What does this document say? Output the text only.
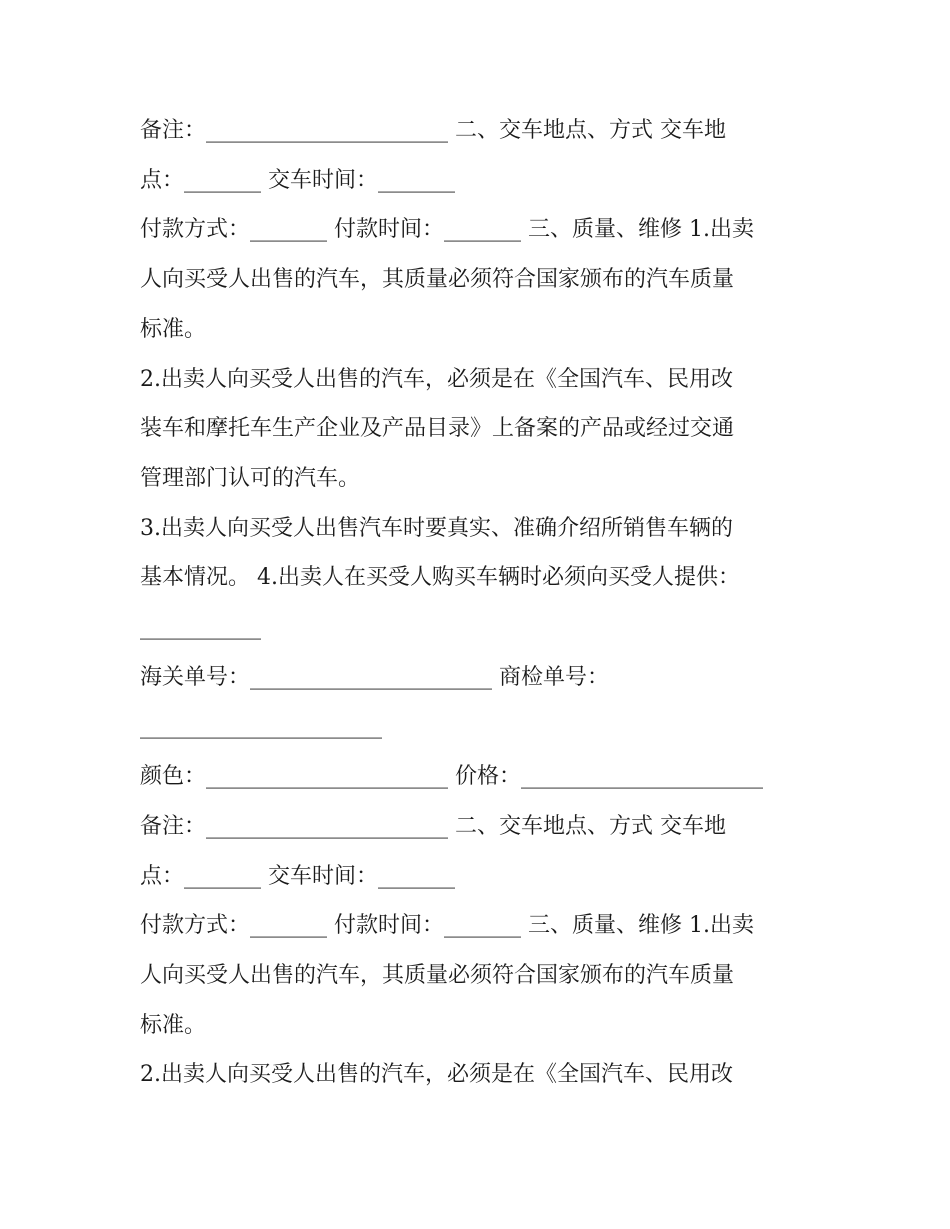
备注：______________________ 二、交车地点、方式 交车地

点：_______ 交车时间：_______

付款方式：_______ 付款时间：_______ 三、质量、维修 1.出卖

人向买受人出售的汽车，其质量必须符合国家颁布的汽车质量

标准。

2.出卖人向买受人出售的汽车，必须是在《全国汽车、民用改

装车和摩托车生产企业及产品目录》上备案的产品或经过交通

管理部门认可的汽车。

3.出卖人向买受人出售汽车时要真实、准确介绍所销售车辆的

基本情况。 4.出卖人在买受人购买车辆时必须向买受人提供：

___________

海关单号：______________________ 商检单号：

______________________

颜色：______________________ 价格：______________________

备注：______________________ 二、交车地点、方式 交车地

点：_______ 交车时间：_______

付款方式：_______ 付款时间：_______ 三、质量、维修 1.出卖

人向买受人出售的汽车，其质量必须符合国家颁布的汽车质量

标准。

2.出卖人向买受人出售的汽车，必须是在《全国汽车、民用改
